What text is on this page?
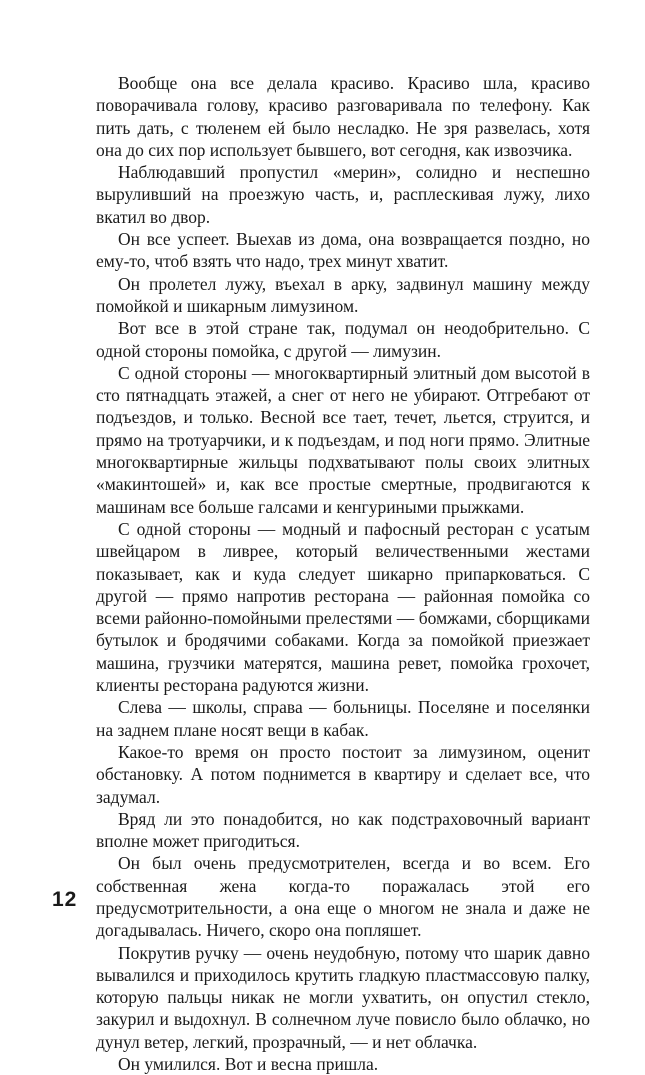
Вообще она все делала красиво. Красиво шла, красиво поворачивала голову, красиво разговаривала по телефону. Как пить дать, с тюленем ей было несладко. Не зря развелась, хотя она до сих пор использует бывшего, вот сегодня, как извозчика.

Наблюдавший пропустил «мерин», солидно и неспешно выруливший на проезжую часть, и, расплескивая лужу, лихо вкатил во двор.

Он все успеет. Выехав из дома, она возвращается поздно, но ему-то, чтоб взять что надо, трех минут хватит.

Он пролетел лужу, въехал в арку, задвинул машину между помойкой и шикарным лимузином.

Вот все в этой стране так, подумал он неодобрительно. С одной стороны помойка, с другой — лимузин.

С одной стороны — многоквартирный элитный дом высотой в сто пятнадцать этажей, а снег от него не убирают. Отгребают от подъездов, и только. Весной все тает, течет, льется, струится, и прямо на тротуарчики, и к подъездам, и под ноги прямо. Элитные многоквартирные жильцы подхватывают полы своих элитных «макинтошей» и, как все простые смертные, продвигаются к машинам все больше галсами и кенгуриными прыжками.

С одной стороны — модный и пафосный ресторан с усатым швейцаром в ливрее, который величественными жестами показывает, как и куда следует шикарно припарковаться. С другой — прямо напротив ресторана — районная помойка со всеми районно-помойными прелестями — бомжами, сборщиками бутылок и бродячими собаками. Когда за помойкой приезжает машина, грузчики матерятся, машина ревет, помойка грохочет, клиенты ресторана радуются жизни.

Слева — школы, справа — больницы. Поселяне и поселянки на заднем плане носят вещи в кабак.

Какое-то время он просто постоит за лимузином, оценит обстановку. А потом поднимется в квартиру и сделает все, что задумал.

Вряд ли это понадобится, но как подстраховочный вариант вполне может пригодиться.

Он был очень предусмотрителен, всегда и во всем. Его собственная жена когда-то поражалась этой его предусмотрительности, а она еще о многом не знала и даже не догадывалась. Ничего, скоро она попляшет.

Покрутив ручку — очень неудобную, потому что шарик давно вывалился и приходилось крутить гладкую пластмассовую палку, которую пальцы никак не могли ухватить, он опустил стекло, закурил и выдохнул. В солнечном луче повисло было облачко, но дунул ветер, легкий, прозрачный, — и нет облачка.

Он умилился. Вот и весна пришла.

12
